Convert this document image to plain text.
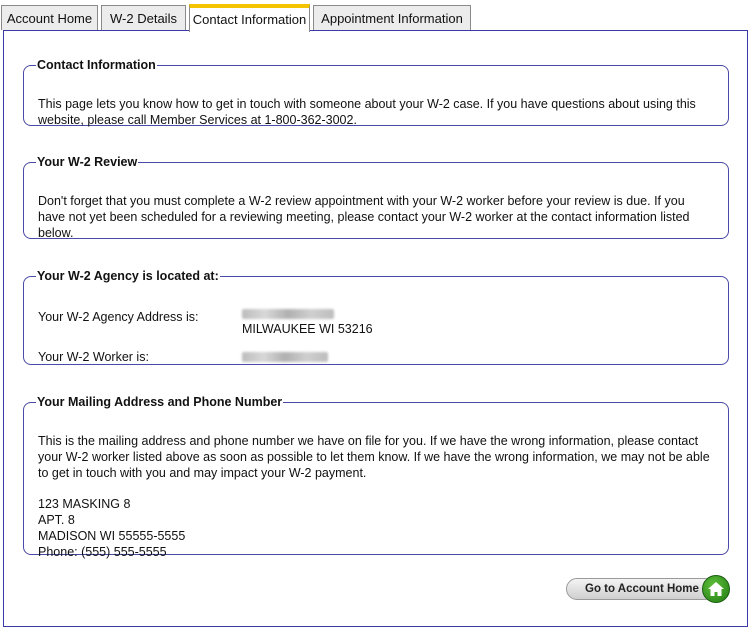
Account Home	W-2 Details	Contact Information	Appointment Information
Contact Information

This page lets you know how to get in touch with someone about your W-2 case. If you have questions about using this website, please call Member Services at 1-800-362-3002.

Your W-2 Review

Don't forget that you must complete a W-2 review appointment with your W-2 worker before your review is due. If you have not yet been scheduled for a reviewing meeting, please contact your W-2 worker at the contact information listed below.

Your W-2 Agency is located at:
Your W-2 Agency Address is:

MILWAUKEE WI 53216
Your W-2 Worker is:
Your Mailing Address and Phone Number

This is the mailing address and phone number we have on file for you. If we have the wrong information, please contact your W-2 worker listed above as soon as possible to let them know. If we have the wrong information, we may not be able to get in touch with you and may impact your W-2 payment.

123 MASKING 8
APT. 8
MADISON WI 55555-5555
Phone: (555) 555-5555
Go to Account Home
